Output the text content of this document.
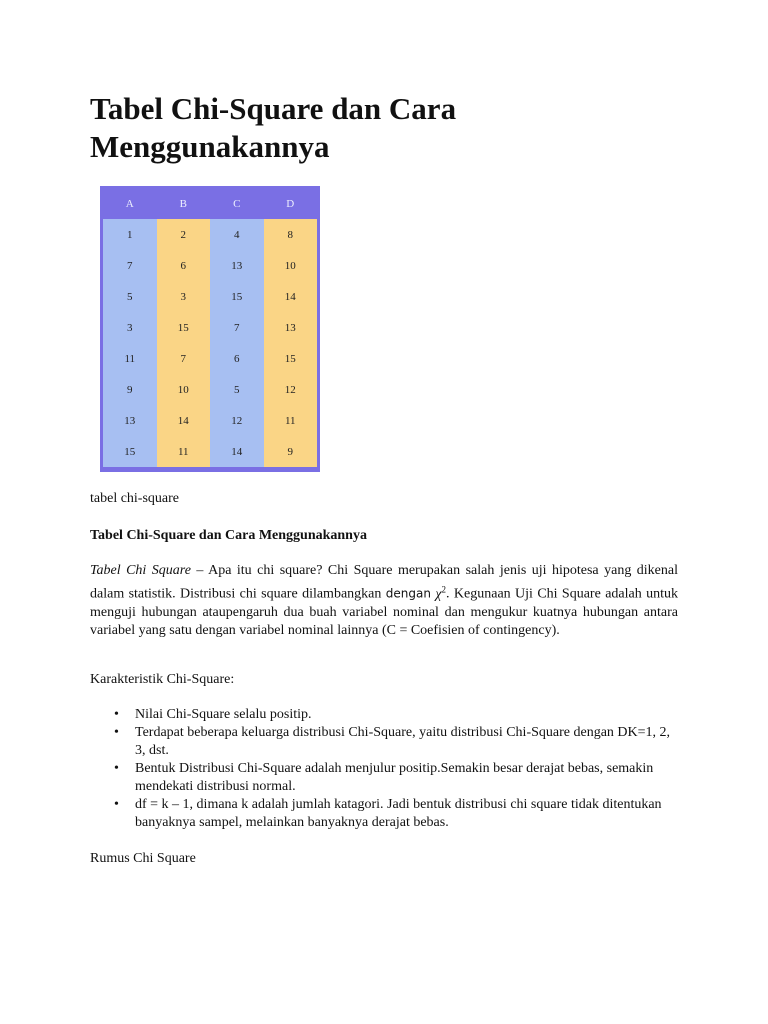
Tabel Chi-Square dan Cara Menggunakannya
A	B	C	D
1	2	4	8
7	6	13	10
5	3	15	14
3	15	7	13
11	7	6	15
9	10	5	12
13	14	12	11
15	11	14	9
tabel chi-square
Tabel Chi-Square dan Cara Menggunakannya

Tabel Chi Square – Apa itu chi square? Chi Square merupakan salah jenis uji hipotesa yang dikenal dalam statistik. Distribusi chi square dilambangkan dengan $\chi^2$. Kegunaan Uji Chi Square adalah untuk menguji hubungan ataupengaruh dua buah variabel nominal dan mengukur kuatnya hubungan antara variabel yang satu dengan variabel nominal lainnya (C = Coefisien of contingency).

Karakteristik Chi-Square:
• Nilai Chi-Square selalu positip.
• Terdapat beberapa keluarga distribusi Chi-Square, yaitu distribusi Chi-Square dengan DK=1, 2, 3, dst.
• Bentuk Distribusi Chi-Square adalah menjulur positip.Semakin besar derajat bebas, semakin mendekati distribusi normal.
• df = k – 1, dimana k adalah jumlah katagori. Jadi bentuk distribusi chi square tidak ditentukan banyaknya sampel, melainkan banyaknya derajat bebas.
Rumus Chi Square
